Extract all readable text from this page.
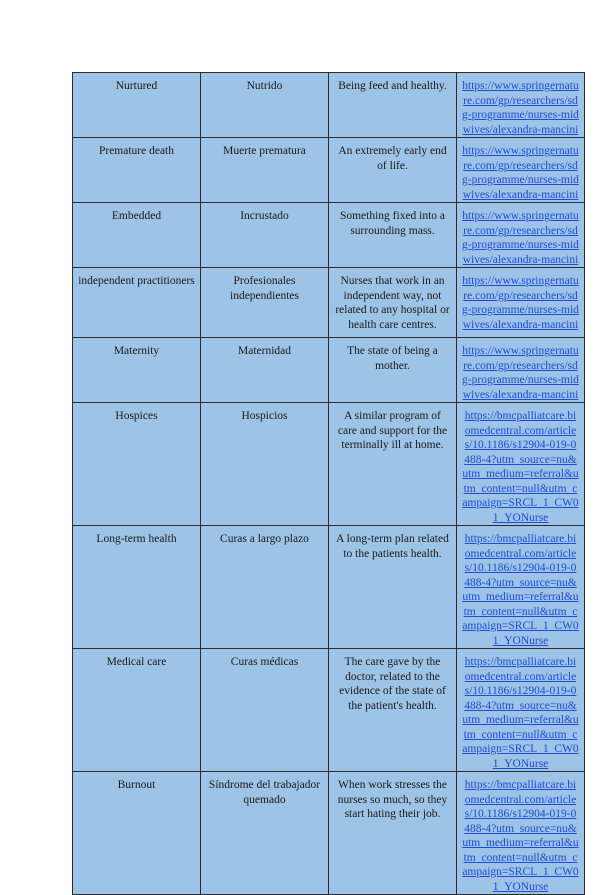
Nurtured	Nutrido	Being feed and healthy.	https://www.springernature.com/gp/researchers/sdg-programme/nurses-midwives/alexandra-mancini
Premature death	Muerte prematura	An extremely early end of life.	https://www.springernature.com/gp/researchers/sdg-programme/nurses-midwives/alexandra-mancini
Embedded	Incrustado	Something fixed into a surrounding mass.	https://www.springernature.com/gp/researchers/sdg-programme/nurses-midwives/alexandra-mancini
independent practitioners	Profesionales independientes	Nurses that work in an independent way, not related to any hospital or health care centres.	https://www.springernature.com/gp/researchers/sdg-programme/nurses-midwives/alexandra-mancini
Maternity	Maternidad	The state of being a mother.	https://www.springernature.com/gp/researchers/sdg-programme/nurses-midwives/alexandra-mancini
Hospices	Hospicios	A similar program of care and support for the terminally ill at home.	https://bmcpalliatcare.biomedcentral.com/articles/10.1186/s12904-019-0488-4?utm_source=nu&utm_medium=referral&utm_content=null&utm_campaign=SRCL_1_CW01_YONurse
Long-term health	Curas a largo plazo	A long-term plan related to the patients health.	https://bmcpalliatcare.biomedcentral.com/articles/10.1186/s12904-019-0488-4?utm_source=nu&utm_medium=referral&utm_content=null&utm_campaign=SRCL_1_CW01_YONurse
Medical care	Curas médicas	The care gave by the doctor, related to the evidence of the state of the patient's health.	https://bmcpalliatcare.biomedcentral.com/articles/10.1186/s12904-019-0488-4?utm_source=nu&utm_medium=referral&utm_content=null&utm_campaign=SRCL_1_CW01_YONurse
Burnout	Síndrome del trabajador quemado	When work stresses the nurses so much, so they start hating their job.	https://bmcpalliatcare.biomedcentral.com/articles/10.1186/s12904-019-0488-4?utm_source=nu&utm_medium=referral&utm_content=null&utm_campaign=SRCL_1_CW01_YONurse
